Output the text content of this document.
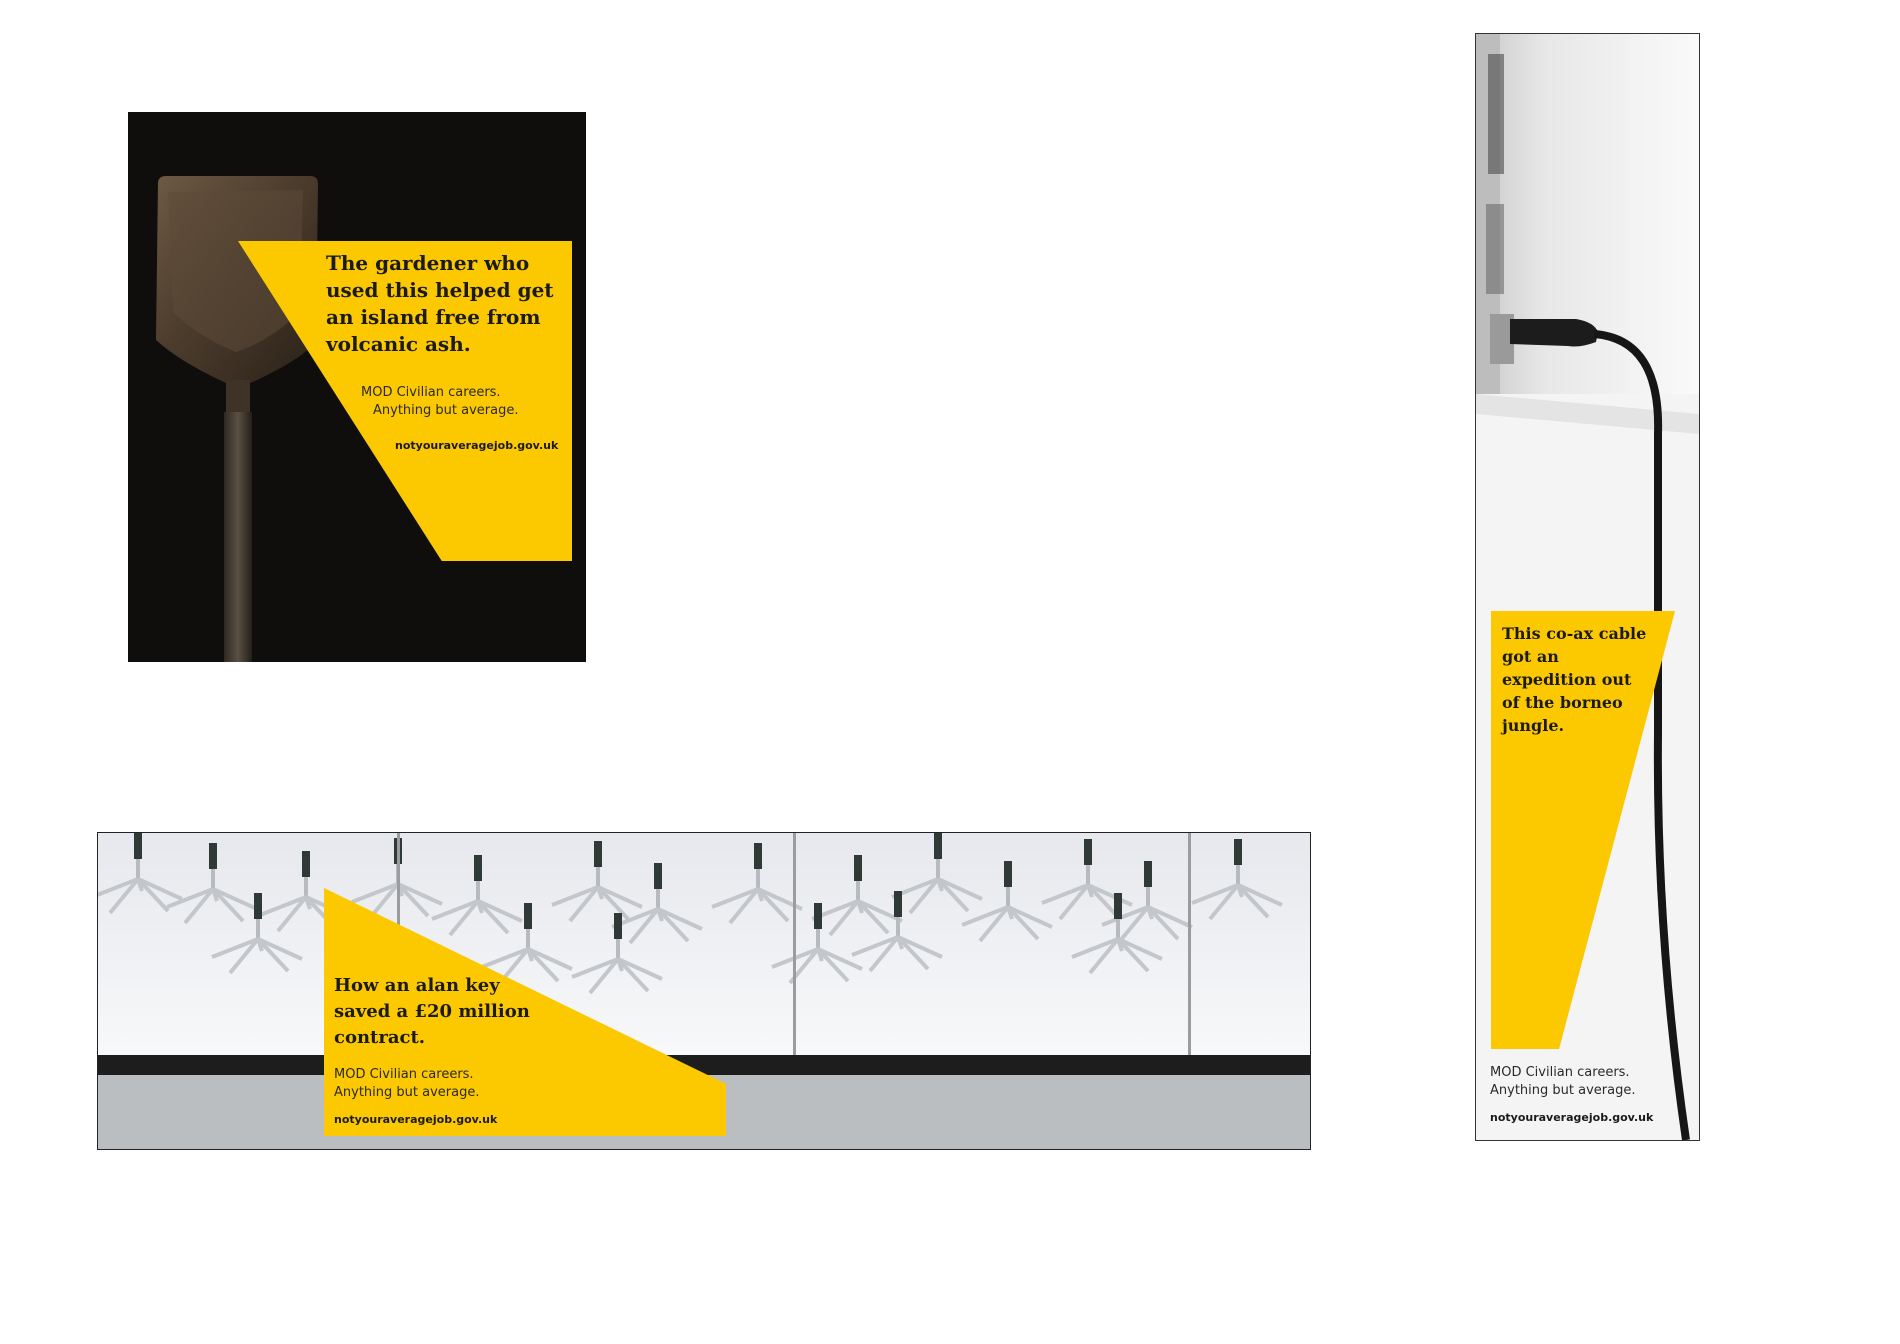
The gardener who used this helped get an island free from volcanic ash.
MOD Civilian careers.
Anything but average.
notyouraveragejob.gov.uk
How an alan key saved a £20 million contract.
MOD Civilian careers.
Anything but average.
notyouraveragejob.gov.uk
This co-ax cable got an expedition out of the borneo jungle.
MOD Civilian careers.
Anything but average.
notyouraveragejob.gov.uk
